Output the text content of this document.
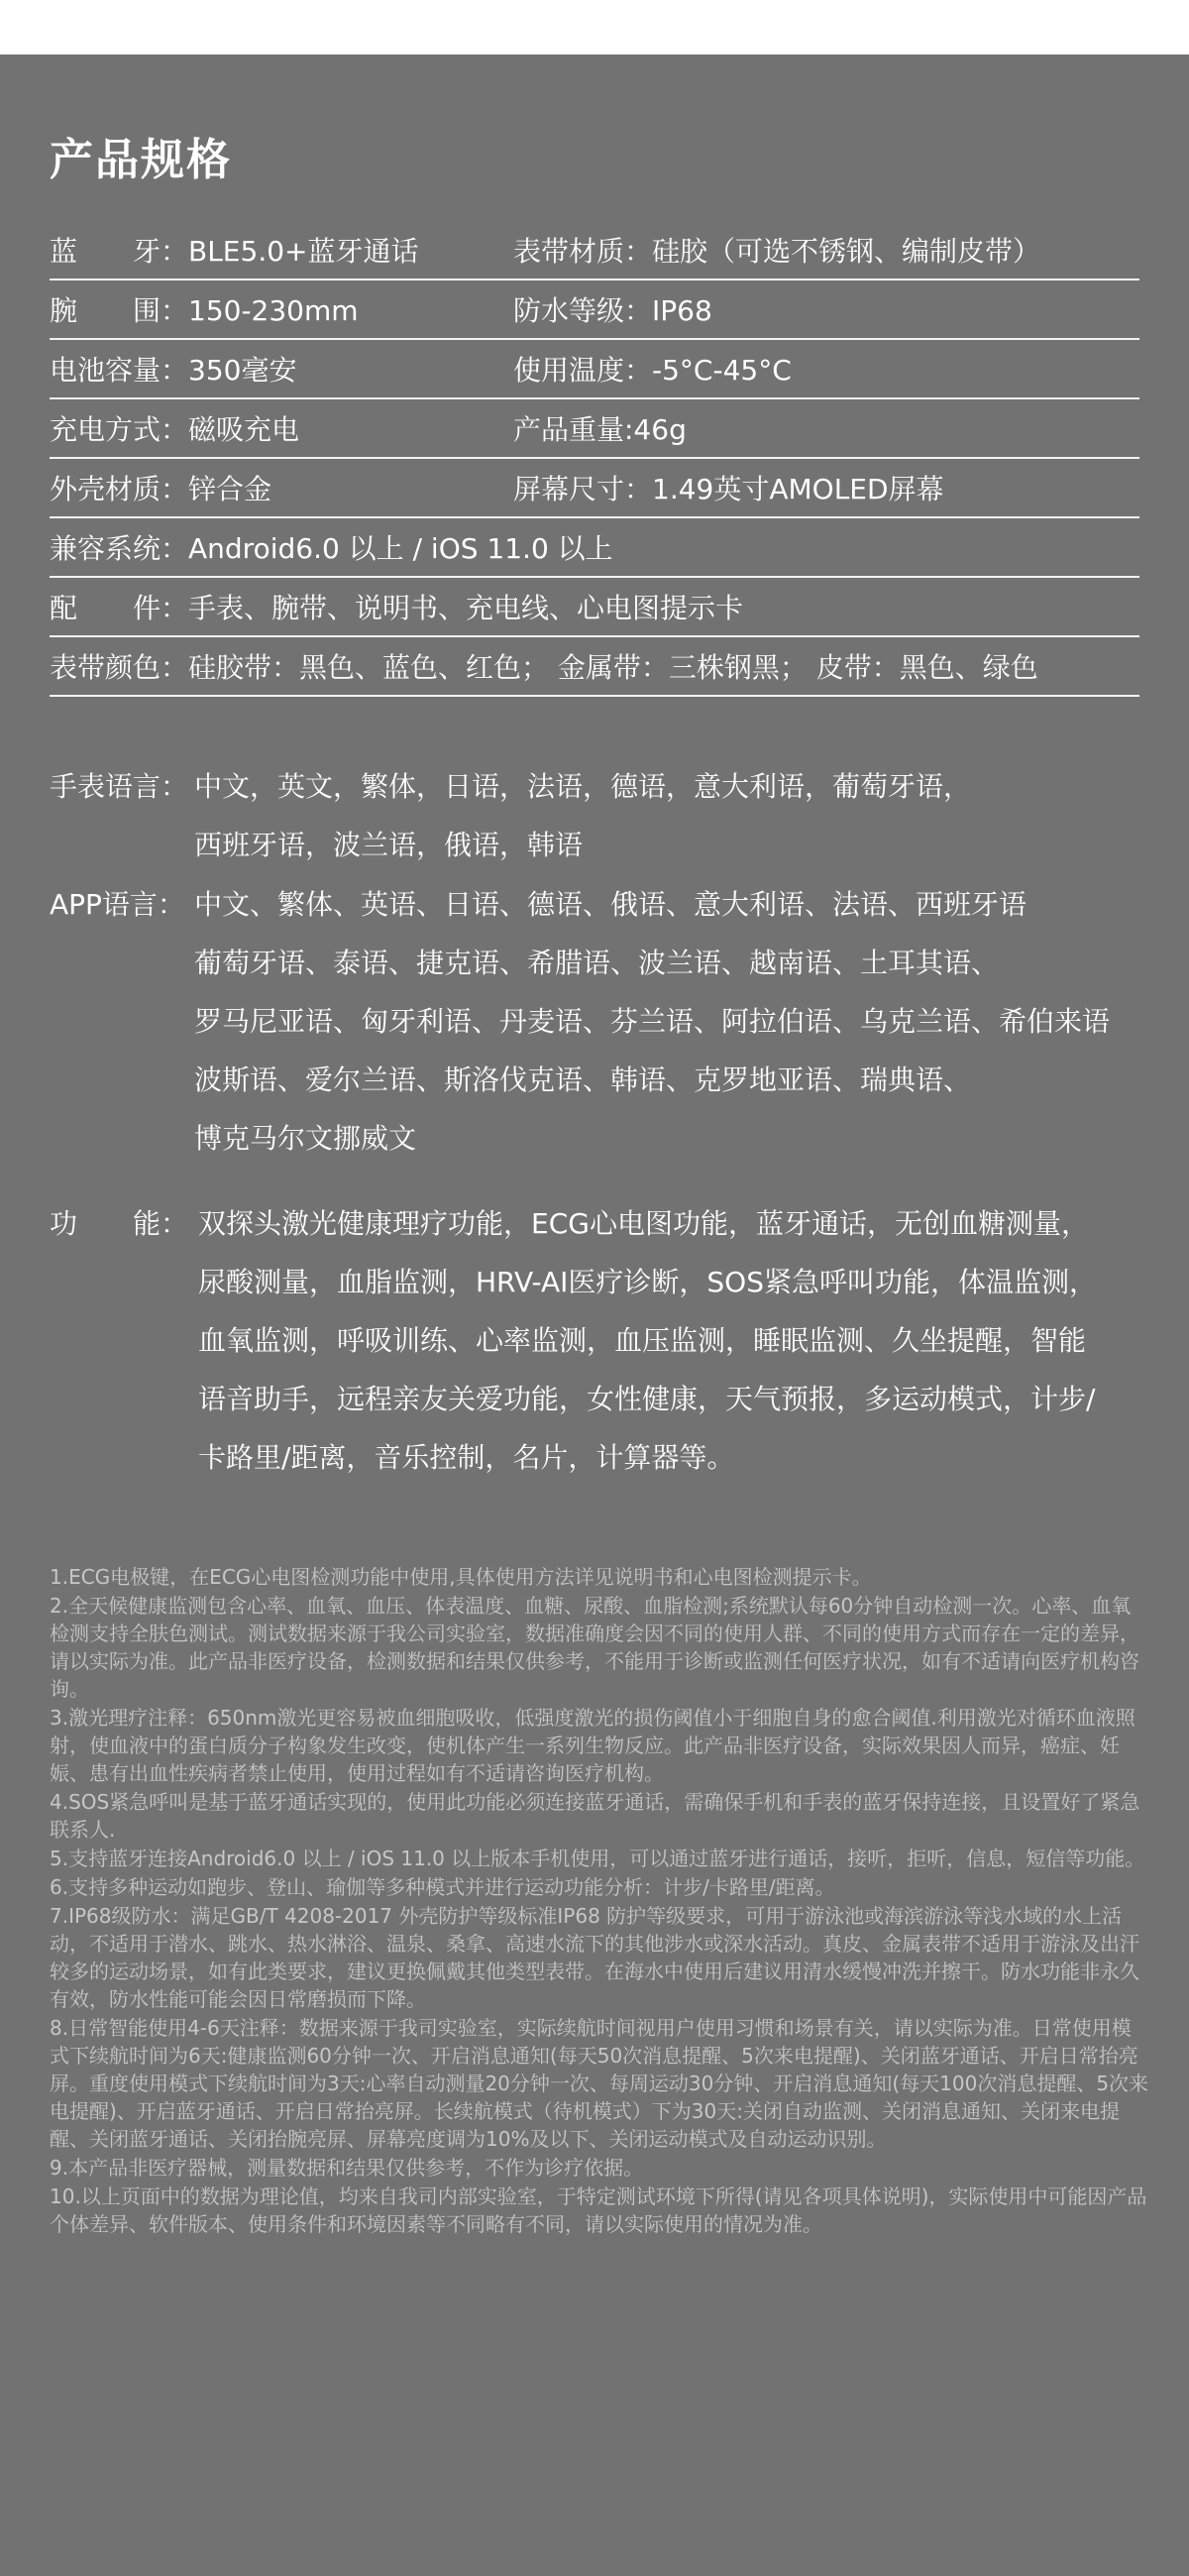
产品规格
蓝　　牙：BLE5.0+蓝牙通话	表带材质：硅胶（可选不锈钢、编制皮带）
腕　　围：150-230mm	防水等级：IP68
电池容量：350毫安	使用温度：-5°C-45°C
充电方式：磁吸充电	产品重量:46g
外壳材质：锌合金	屏幕尺寸：1.49英寸AMOLED屏幕
兼容系统：Android6.0 以上 / iOS 11.0 以上
配　　件：手表、腕带、说明书、充电线、心电图提示卡
表带颜色：硅胶带：黑色、蓝色、红色； 金属带：三株钢黑； 皮带：黑色、绿色
手表语言： 中文，英文，繁体，日语，法语，德语，意大利语，葡萄牙语，
西班牙语，波兰语，俄语，韩语
APP语言： 中文、繁体、英语、日语、德语、俄语、意大利语、法语、西班牙语
葡萄牙语、泰语、捷克语、希腊语、波兰语、越南语、土耳其语、
罗马尼亚语、匈牙利语、丹麦语、芬兰语、阿拉伯语、乌克兰语、希伯来语
波斯语、爱尔兰语、斯洛伐克语、韩语、克罗地亚语、瑞典语、
博克马尔文挪威文
功　　能： 双探头激光健康理疗功能，ECG心电图功能，蓝牙通话，无创血糖测量，
尿酸测量，血脂监测，HRV-AI医疗诊断，SOS紧急呼叫功能，体温监测，
血氧监测，呼吸训练、心率监测，血压监测，睡眠监测、久坐提醒，智能
语音助手，远程亲友关爱功能，女性健康，天气预报，多运动模式，计步/
卡路里/距离，音乐控制，名片，计算器等。

1.ECG电极键，在ECG心电图检测功能中使用,具体使用方法详见说明书和心电图检测提示卡。

2.全天候健康监测包含心率、血氧、血压、体表温度、血糖、尿酸、血脂检测;系统默认每60分钟自动检测一次。心率、血氧检测支持全肤色测试。测试数据来源于我公司实验室，数据准确度会因不同的使用人群、不同的使用方式而存在一定的差异，请以实际为准。此产品非医疗设备，检测数据和结果仅供参考，不能用于诊断或监测任何医疗状况，如有不适请向医疗机构咨询。

3.激光理疗注释：650nm激光更容易被血细胞吸收，低强度激光的损伤阈值小于细胞自身的愈合阈值.利用激光对循环血液照射，使血液中的蛋白质分子构象发生改变，使机体产生一系列生物反应。此产品非医疗设备，实际效果因人而异，癌症、妊娠、患有出血性疾病者禁止使用，使用过程如有不适请咨询医疗机构。

4.SOS紧急呼叫是基于蓝牙通话实现的，使用此功能必须连接蓝牙通话，需确保手机和手表的蓝牙保持连接，且设置好了紧急联系人.

5.支持蓝牙连接Android6.0 以上 / iOS 11.0 以上版本手机使用，可以通过蓝牙进行通话，接听，拒听，信息，短信等功能。

6.支持多种运动如跑步、登山、瑜伽等多种模式并进行运动功能分析：计步/卡路里/距离。

7.IP68级防水：满足GB/T 4208-2017 外壳防护等级标准IP68 防护等级要求，可用于游泳池或海滨游泳等浅水域的水上活动，不适用于潜水、跳水、热水淋浴、温泉、桑拿、高速水流下的其他涉水或深水活动。真皮、金属表带不适用于游泳及出汗较多的运动场景，如有此类要求，建议更换佩戴其他类型表带。在海水中使用后建议用清水缓慢冲洗并擦干。防水功能非永久有效，防水性能可能会因日常磨损而下降。

8.日常智能使用4-6天注释：数据来源于我司实验室，实际续航时间视用户使用习惯和场景有关，请以实际为准。日常使用模式下续航时间为6天:健康监测60分钟一次、开启消息通知(每天50次消息提醒、5次来电提醒)、关闭蓝牙通话、开启日常抬亮屏。重度使用模式下续航时间为3天:心率自动测量20分钟一次、每周运动30分钟、开启消息通知(每天100次消息提醒、5次来电提醒)、开启蓝牙通话、开启日常抬亮屏。长续航模式（待机模式）下为30天:关闭自动监测、关闭消息通知、关闭来电提醒、关闭蓝牙通话、关闭抬腕亮屏、屏幕亮度调为10%及以下、关闭运动模式及自动运动识别。

9.本产品非医疗器械，测量数据和结果仅供参考，不作为诊疗依据。

10.以上页面中的数据为理论值，均来自我司内部实验室，于特定测试环境下所得(请见各项具体说明)，实际使用中可能因产品个体差异、软件版本、使用条件和环境因素等不同略有不同，请以实际使用的情况为准。
